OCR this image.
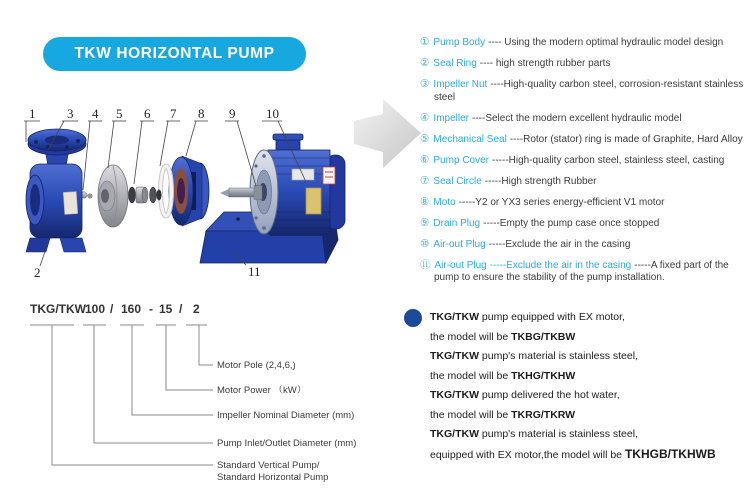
TKW HORIZONTAL PUMP
1 3 4 5 6 7 8 9 10
2	11
① Pump Body ---- Using the modern optimal hydraulic model design
② Seal Ring ---- high strength rubber parts
③ Impeller Nut ----High-quality carbon steel, corrosion-resistant stainless steel
④ Impeller ----Select the modern excellent hydraulic model
⑤ Mechanical Seal ----Rotor (stator) ring is made of Graphite, Hard Alloy
⑥ Pump Cover -----High-quality carbon steel, stainless steel, casting
⑦ Seal Circle -----High strength Rubber
⑧ Moto -----Y2 or YX3 series energy-efficient V1 motor
⑨ Drain Plug -----Empty the pump case once stopped
⑩ Air-out Plug -----Exclude the air in the casing
⑪ Air-out Plug -----Exclude the air in the casing -----A fixed part of the pump to ensure the stability of the pump installation.
TKG/TKW 100 / 160 - 15 / 2
Motor Pole (2,4,6,)
Motor Power （kW）
Impeller Nominal Diameter (mm)
Pump Inlet/Outlet Diameter (mm)
Standard Vertical Pump/
Standard Horizontal Pump
TKG/TKW pump equipped with EX motor,
the model will be TKBG/TKBW
TKG/TKW pump's material is stainless steel,
the model will be TKHG/TKHW
TKG/TKW pump delivered the hot water,
the model will be TKRG/TKRW
TKG/TKW pump's material is stainless steel,
equipped with EX motor,the model will be TKHGB/TKHWB
